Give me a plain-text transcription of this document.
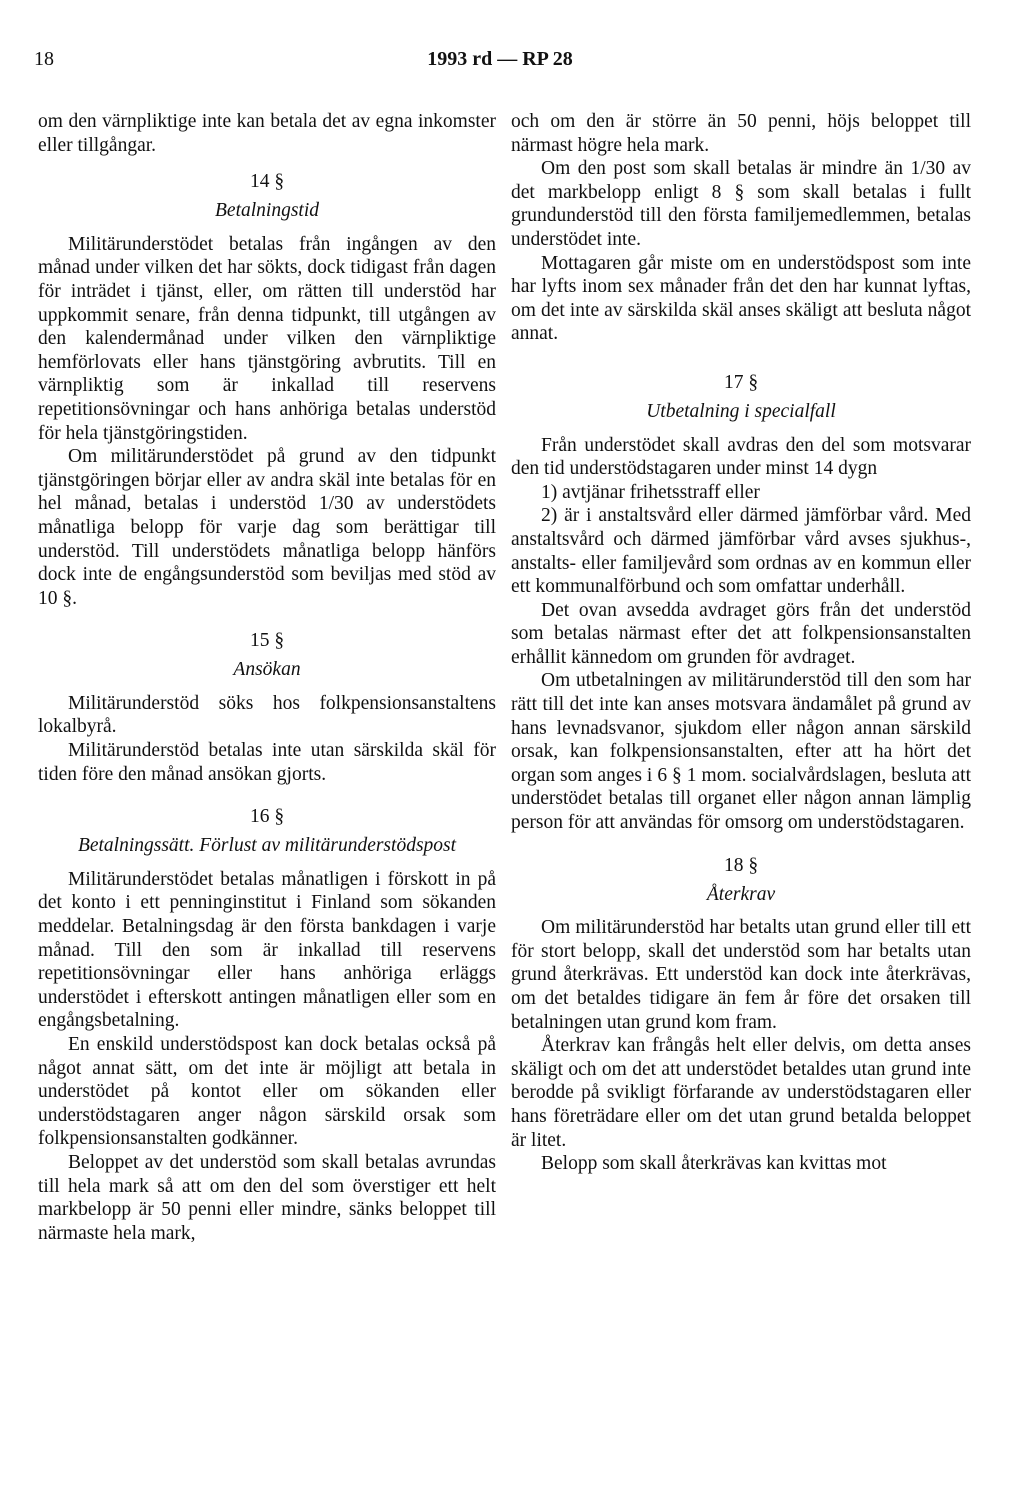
18	1993 rd — RP 28

om den värnpliktige inte kan betala det av egna inkomster eller tillgångar.

14 §
Betalningstid

Militärunderstödet betalas från ingången av den månad under vilken det har sökts, dock tidigast från dagen för inträdet i tjänst, eller, om rätten till understöd har uppkommit senare, från denna tidpunkt, till utgången av den kalendermånad under vilken den värnpliktige hemförlovats eller hans tjänstgöring avbrutits. Till en värnpliktig som är inkallad till reservens repetitionsövningar och hans anhöriga betalas understöd för hela tjänstgöringstiden.

Om militärunderstödet på grund av den tidpunkt tjänstgöringen börjar eller av andra skäl inte betalas för en hel månad, betalas i understöd 1/30 av understödets månatliga belopp för varje dag som berättigar till understöd. Till understödets månatliga belopp hänförs dock inte de engångsunderstöd som beviljas med stöd av 10 §.

15 §
Ansökan

Militärunderstöd söks hos folkpensionsanstaltens lokalbyrå.

Militärunderstöd betalas inte utan särskilda skäl för tiden före den månad ansökan gjorts.

16 §
Betalningssätt. Förlust av militärunderstödspost

Militärunderstödet betalas månatligen i förskott in på det konto i ett penninginstitut i Finland som sökanden meddelar. Betalningsdag är den första bankdagen i varje månad. Till den som är inkallad till reservens repetitionsövningar eller hans anhöriga erläggs understödet i efterskott antingen månatligen eller som en engångsbetalning.

En enskild understödspost kan dock betalas också på något annat sätt, om det inte är möjligt att betala in understödet på kontot eller om sökanden eller understödstagaren anger någon särskild orsak som folkpensionsanstalten godkänner.

Beloppet av det understöd som skall betalas avrundas till hela mark så att om den del som överstiger ett helt markbelopp är 50 penni eller mindre, sänks beloppet till närmaste hela mark,

och om den är större än 50 penni, höjs beloppet till närmast högre hela mark.

Om den post som skall betalas är mindre än 1/30 av det markbelopp enligt 8 § som skall betalas i fullt grundunderstöd till den första familjemedlemmen, betalas understödet inte.

Mottagaren går miste om en understödspost som inte har lyfts inom sex månader från det den har kunnat lyftas, om det inte av särskilda skäl anses skäligt att besluta något annat.

17 §
Utbetalning i specialfall

Från understödet skall avdras den del som motsvarar den tid understödstagaren under minst 14 dygn

1) avtjänar frihetsstraff eller

2) är i anstaltsvård eller därmed jämförbar vård. Med anstaltsvård och därmed jämförbar vård avses sjukhus-, anstalts- eller familjevård som ordnas av en kommun eller ett kommunalförbund och som omfattar underhåll.

Det ovan avsedda avdraget görs från det understöd som betalas närmast efter det att folkpensionsanstalten erhållit kännedom om grunden för avdraget.

Om utbetalningen av militärunderstöd till den som har rätt till det inte kan anses motsvara ändamålet på grund av hans levnadsvanor, sjukdom eller någon annan särskild orsak, kan folkpensionsanstalten, efter att ha hört det organ som anges i 6 § 1 mom. socialvårdslagen, besluta att understödet betalas till organet eller någon annan lämplig person för att användas för omsorg om understödstagaren.

18 §
Återkrav

Om militärunderstöd har betalts utan grund eller till ett för stort belopp, skall det understöd som har betalts utan grund återkrävas. Ett understöd kan dock inte återkrävas, om det betaldes tidigare än fem år före det orsaken till betalningen utan grund kom fram.

Återkrav kan frångås helt eller delvis, om detta anses skäligt och om det att understödet betaldes utan grund inte berodde på svikligt förfarande av understödstagaren eller hans företrädare eller om det utan grund betalda beloppet är litet.

Belopp som skall återkrävas kan kvittas mot
